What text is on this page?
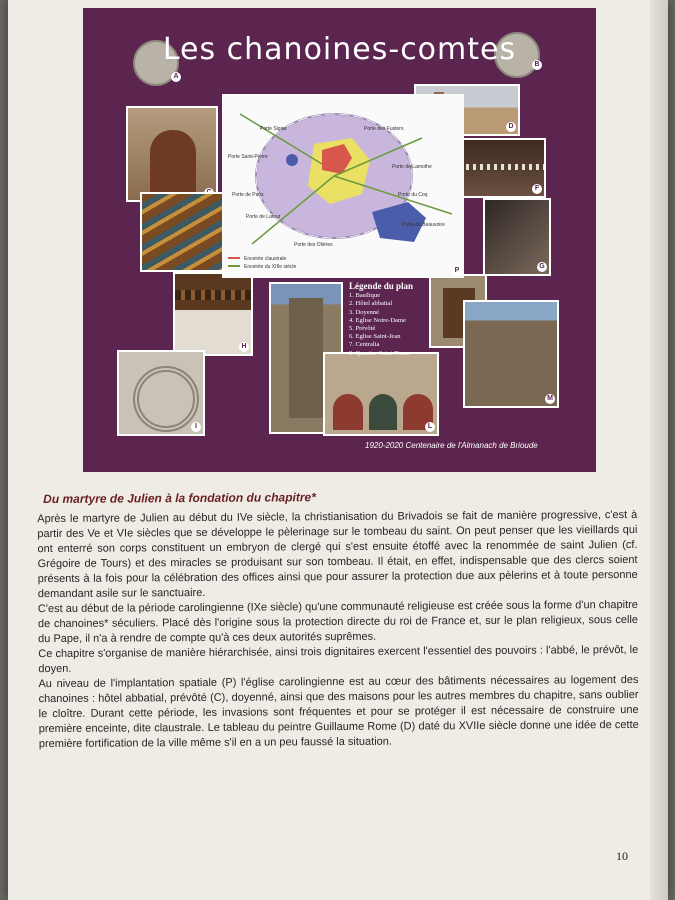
Les chanoines-comtes
H
I
D
F
G
L
M
Porte Sigou	Porte des Fusters
Porte Saint-Pierre
Porte de Lamothe
Porte de Paris
Porte de Latour
Porte du Coq
Porte de Beauvoire
Porte des Olières
Enceinte claustrale
Enceinte du XIIIe siècle	P
Légende du plan
1. Basilique
2. Hôtel abbatial
3. Doyenné
4. Eglise Notre-Dame
5. Prévôté
6. Eglise Saint-Jean
7. Centralia
8. Quartier Saint-Pierre
A
B
1920-2020 Centenaire de l'Almanach de Brioude
Du martyre de Julien à la fondation du chapitre*

Après le martyre de Julien au début du IVe siècle, la christianisation du Brivadois se fait de manière progressive, c'est à partir des Ve et VIe siècles que se développe le pèlerinage sur le tombeau du saint. On peut penser que les vieillards qui ont enterré son corps constituent un embryon de clergé qui s'est ensuite étoffé avec la renommée de saint Julien (cf. Grégoire de Tours) et des miracles se produisant sur son tombeau. Il était, en effet, indispensable que des clercs soient présents à la fois pour la célébration des offices ainsi que pour assurer la protection due aux pèlerins et à toute personne demandant asile sur le sanctuaire.

C'est au début de la période carolingienne (IXe siècle) qu'une communauté religieuse est créée sous la forme d'un chapitre de chanoines* séculiers. Placé dès l'origine sous la protection directe du roi de France et, sur le plan religieux, sous celle du Pape, il n'a à rendre de compte qu'à ces deux autorités suprêmes.

Ce chapitre s'organise de manière hiérarchisée, ainsi trois dignitaires exercent l'essentiel des pouvoirs : l'abbé, le prévôt, le doyen.

Au niveau de l'implantation spatiale (P) l'église carolingienne est au cœur des bâtiments nécessaires au logement des chanoines : hôtel abbatial, prévôté (C), doyenné, ainsi que des maisons pour les autres membres du chapitre, sans oublier le cloître. Durant cette période, les invasions sont fréquentes et pour se protéger il est nécessaire de construire une première enceinte, dite claustrale. Le tableau du peintre Guillaume Rome (D) daté du XVIIe siècle donne une idée de cette première fortification de la ville même s'il en a un peu faussé la situation.

10
